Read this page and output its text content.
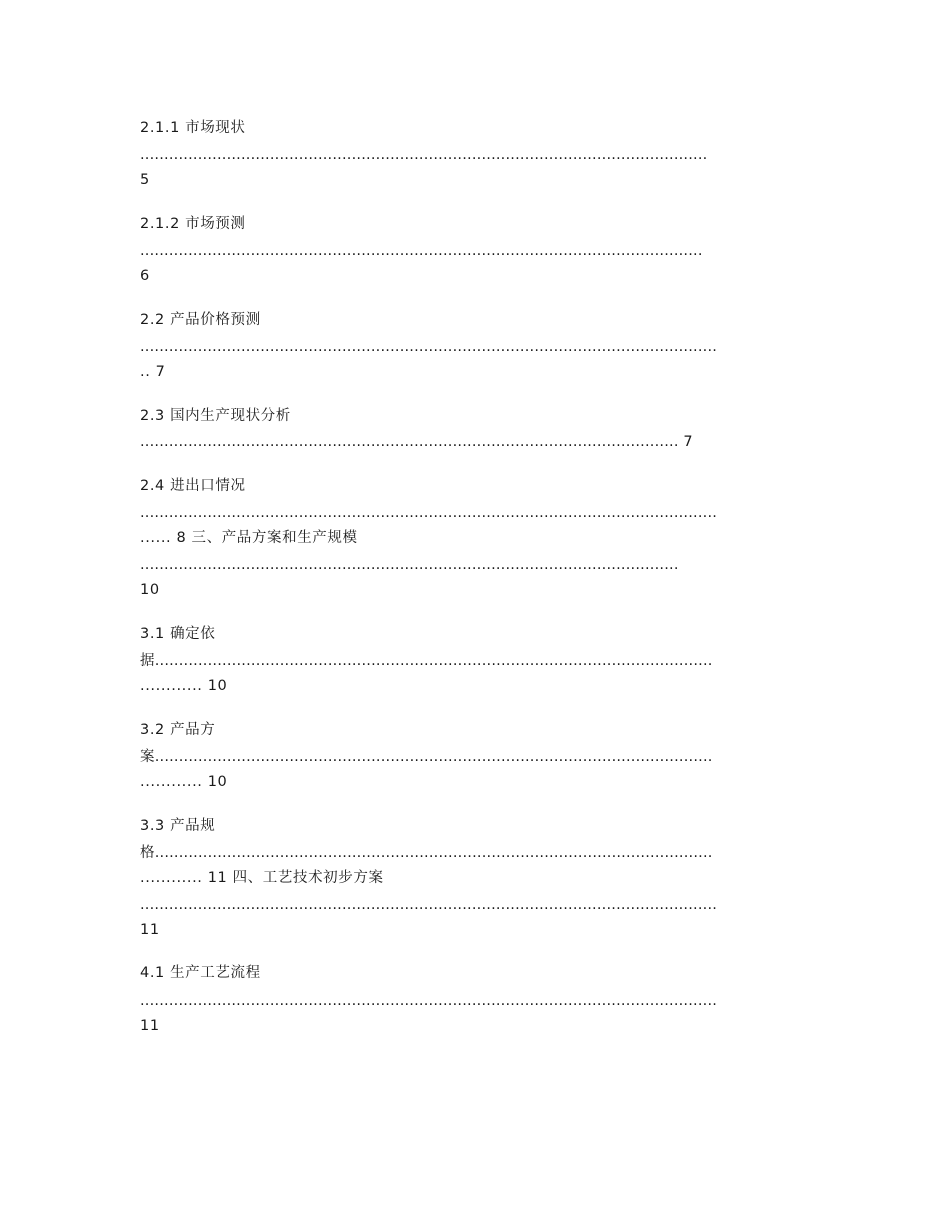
2.1.1 市场现状
......................................................................................................................
5
2.1.2 市场预测
.....................................................................................................................
6
2.2 产品价格预测
........................................................................................................................
.. 7
2.3 国内生产现状分析
................................................................................................................ 7
2.4 进出口情况
........................................................................................................................
...... 8 三、产品方案和生产规模
................................................................................................................
10
3.1 确定依
据....................................................................................................................
............ 10
3.2 产品方
案....................................................................................................................
............ 10
3.3 产品规
格....................................................................................................................
............ 11 四、工艺技术初步方案
........................................................................................................................
11
4.1 生产工艺流程
........................................................................................................................
11
